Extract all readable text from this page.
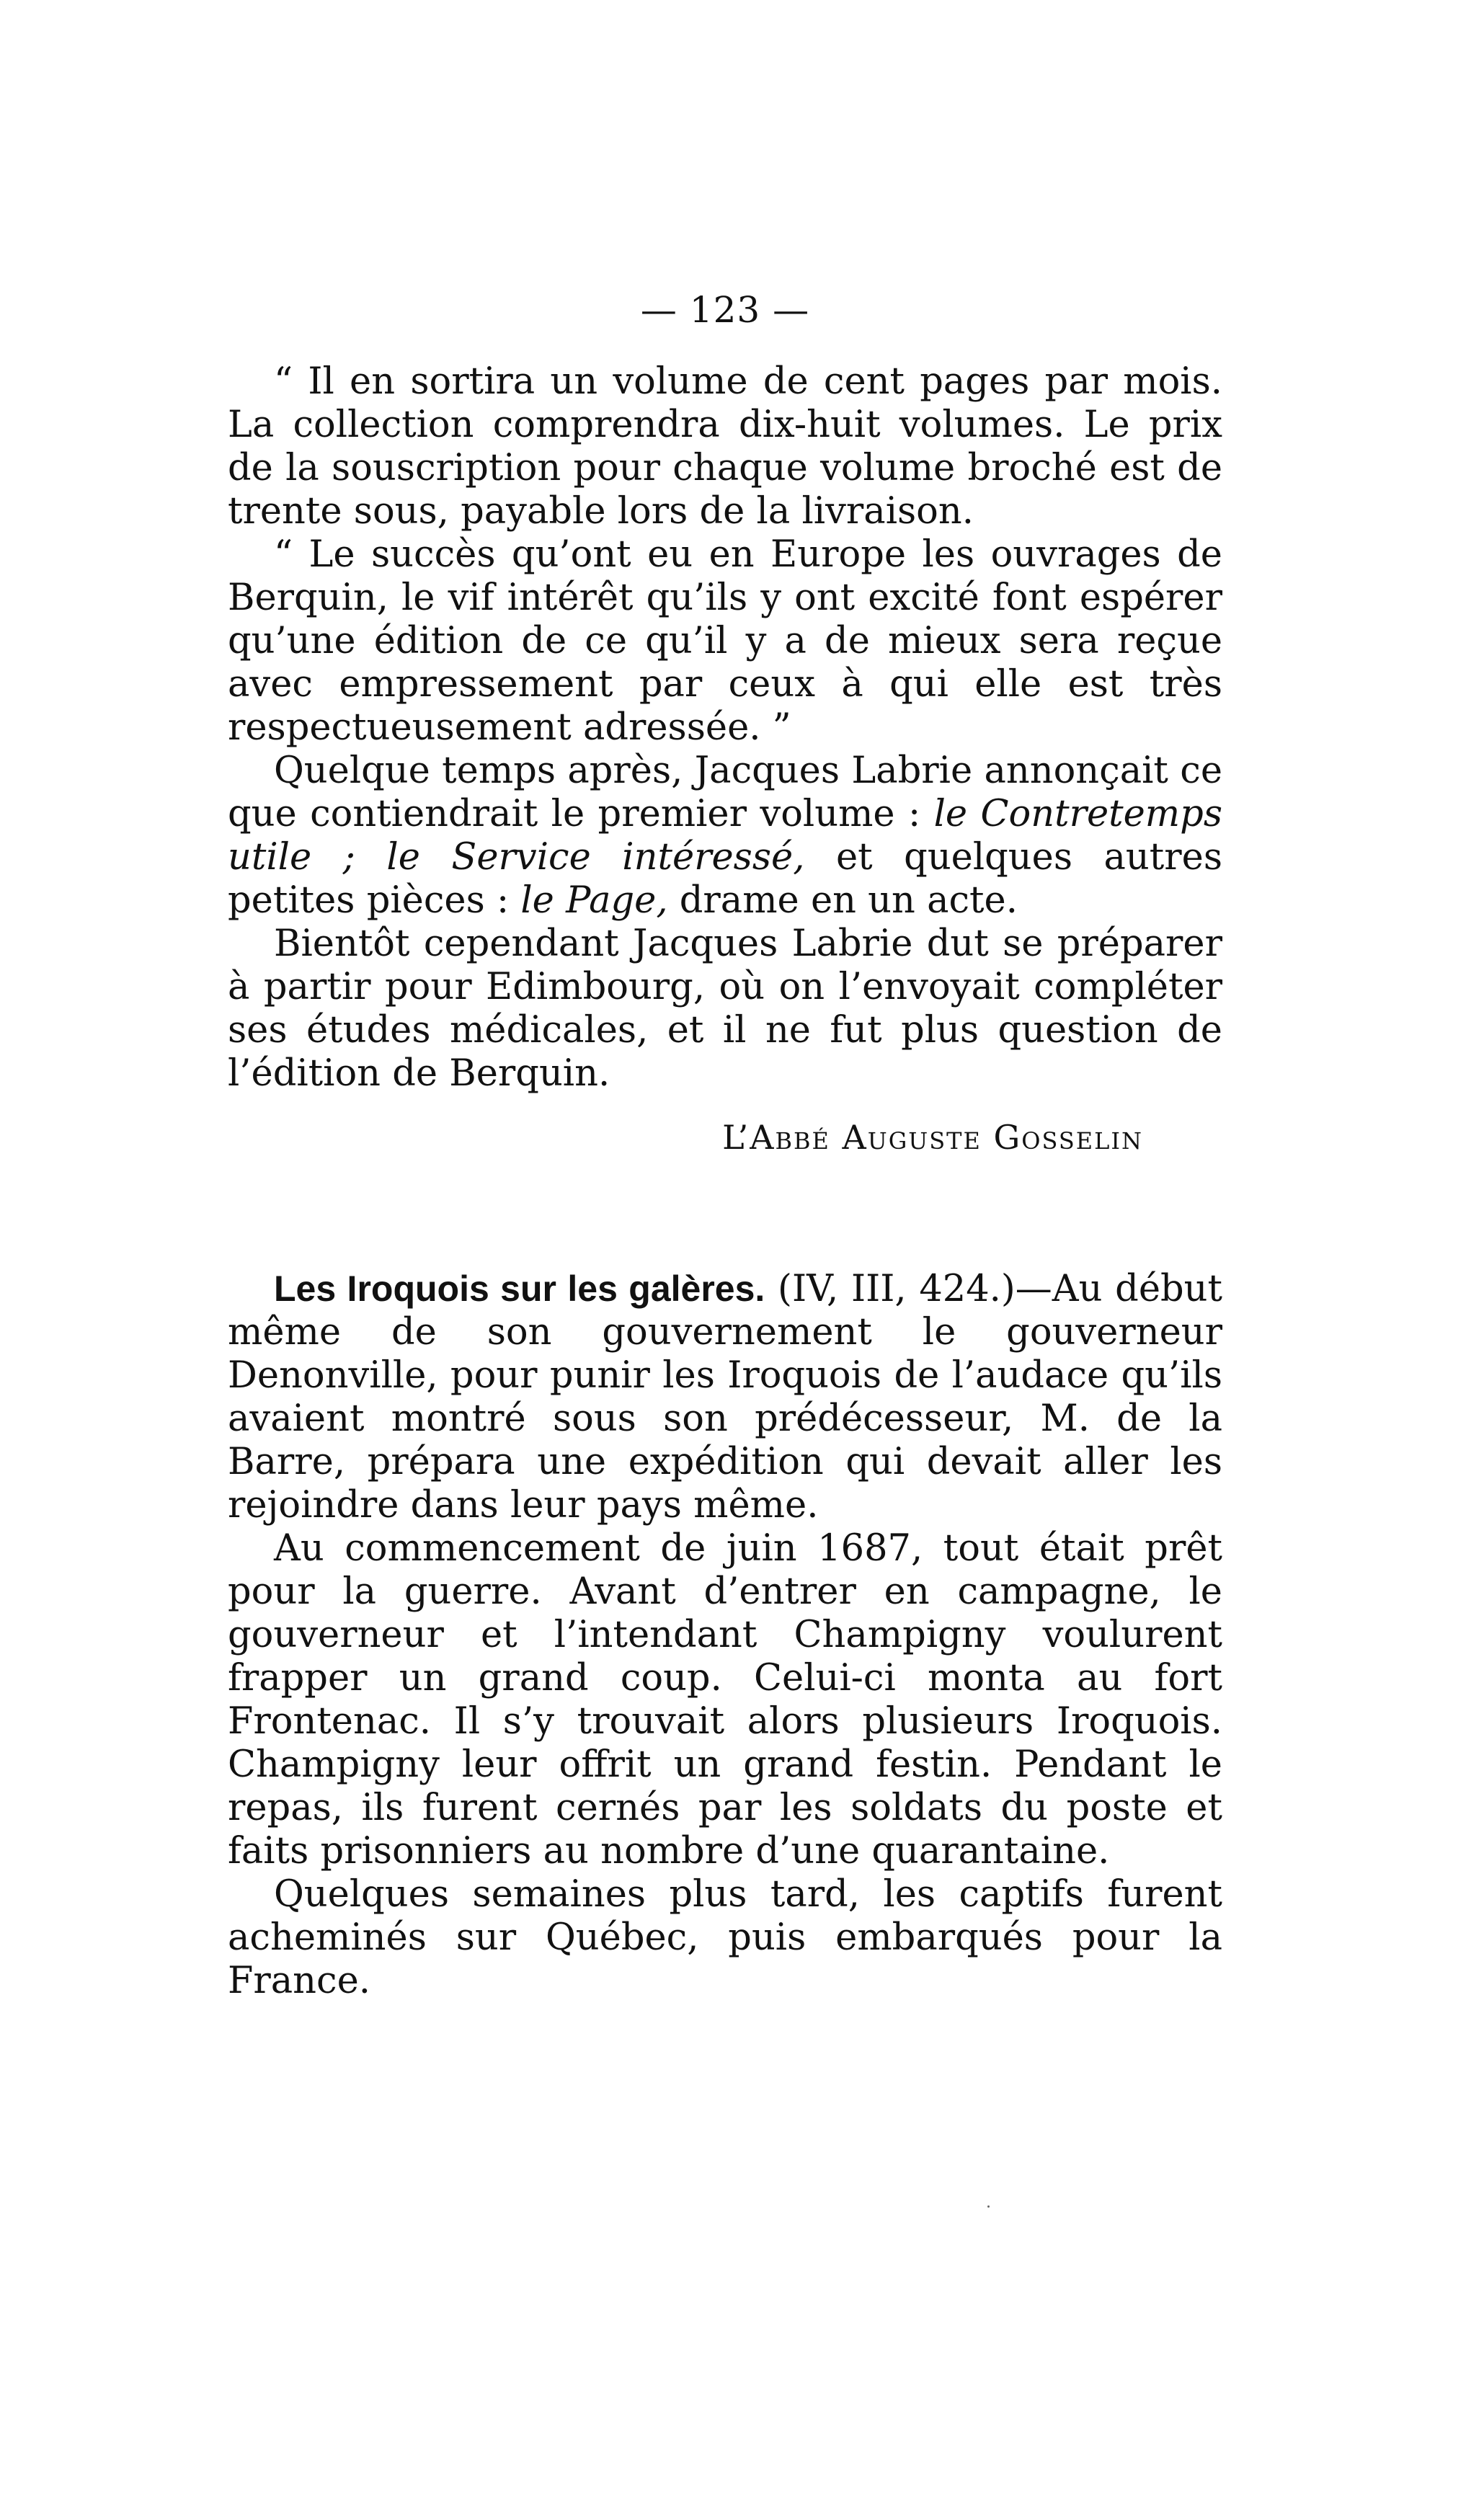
— 123 —

“ Il en sortira un volume de cent pages par mois. La collection comprendra dix-huit volumes. Le prix de la souscription pour chaque volume broché est de trente sous, payable lors de la livraison.

“ Le succès qu’ont eu en Europe les ouvrages de Berquin, le vif intérêt qu’ils y ont excité font espérer qu’une édition de ce qu’il y a de mieux sera reçue avec empressement par ceux à qui elle est très respectueusement adressée. ”

Quelque temps après, Jacques Labrie annonçait ce que contiendrait le premier volume : le Contretemps utile ; le Service intéressé, et quelques autres petites pièces : le Page, drame en un acte.

Bientôt cependant Jacques Labrie dut se préparer à partir pour Edimbourg, où on l’envoyait compléter ses études médicales, et il ne fut plus question de l’édition de Berquin.

L’Abbé Auguste Gosselin

Les Iroquois sur les galères. (IV, III, 424.)—Au début même de son gouvernement le gouverneur Denonville, pour punir les Iroquois de l’audace qu’ils avaient montré sous son prédécesseur, M. de la Barre, prépara une expédition qui devait aller les rejoindre dans leur pays même.

Au commencement de juin 1687, tout était prêt pour la guerre. Avant d’entrer en campagne, le gouverneur et l’intendant Champigny voulurent frapper un grand coup. Celui-ci monta au fort Frontenac. Il s’y trouvait alors plusieurs Iroquois. Champigny leur offrit un grand festin. Pendant le repas, ils furent cernés par les soldats du poste et faits prisonniers au nombre d’une quarantaine.

Quelques semaines plus tard, les captifs furent acheminés sur Québec, puis embarqués pour la France.
